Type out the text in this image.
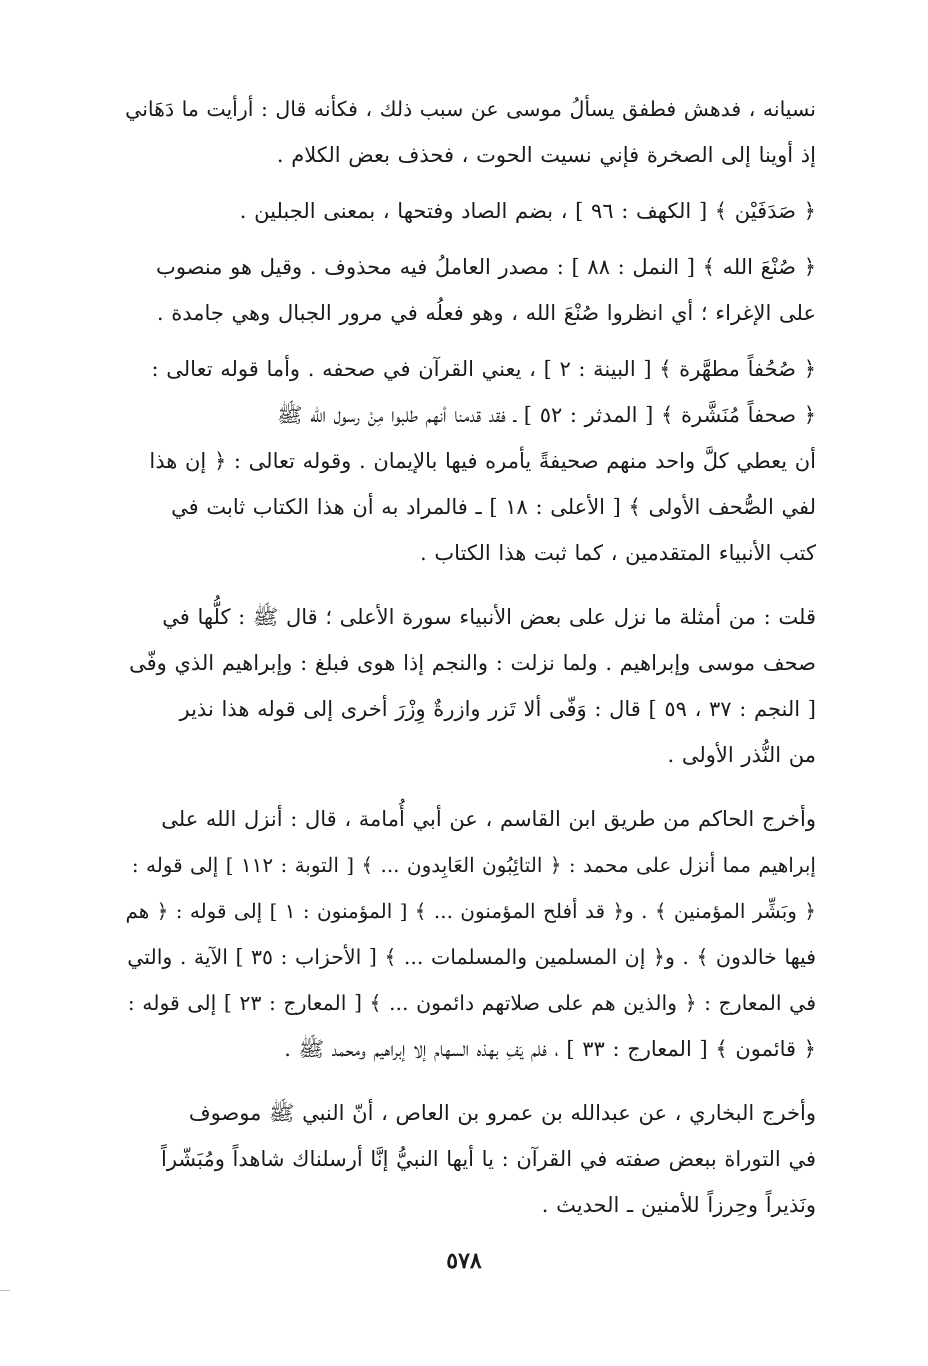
نسيانه ، فدهش فطفق يسألُ موسى عن سبب ذلك ، فكأنه قال : أرأيت ما دَهَاني
إذ أوينا إلى الصخرة فإني نسيت الحوت ، فحذف بعض الكلام .

﴿ صَدَفَيْن ﴾ [ الكهف : ٩٦ ] ، بضم الصاد وفتحها ، بمعنى الجبلين .

﴿ صُنْعَ الله ﴾ [ النمل : ٨٨ ] : مصدر العاملُ فيه محذوف . وقيل هو منصوب
على الإغراء ؛ أي انظروا صُنْعَ الله ، وهو فعلُه في مرور الجبال وهي جامدة .

﴿ صُحُفاً مطهَّرة ﴾ [ البينة : ٢ ] ، يعني القرآن في صحفه . وأما قوله تعالى :
﴿ صحفاً مُنَشَّرة ﴾ [ المدثر : ٥٢ ] ـ فقد قدمنا أنهم طلبوا مِنْ رسول الله ﷺ
أن يعطي كلَّ واحد منهم صحيفةً يأمره فيها بالإيمان . وقوله تعالى : ﴿ إن هذا
لفي الصُّحف الأولى ﴾ [ الأعلى : ١٨ ] ـ فالمراد به أن هذا الكتاب ثابت في
كتب الأنبياء المتقدمين ، كما ثبت هذا الكتاب .

قلت : من أمثلة ما نزل على بعض الأنبياء سورة الأعلى ؛ قال ﷺ : كلُّها في
صحف موسى وإبراهيم . ولما نزلت : والنجم إذا هوى فبلغ : وإبراهيم الذي وفّى
[ النجم : ٣٧ ، ٥٩ ] قال : وَفّى ألا تَزر وازرةٌ وِزْرَ أخرى إلى قوله هذا نذير
من النُّذر الأولى .

وأخرج الحاكم من طريق ابن القاسم ، عن أبي أُمامة ، قال : أنزل الله على
إبراهيم مما أنزل على محمد : ﴿ التائِبُون العَابِدون ... ﴾ [ التوبة : ١١٢ ] إلى قوله :
﴿ وبَشِّر المؤمنين ﴾ . و﴿ قد أفلح المؤمنون ... ﴾ [ المؤمنون : ١ ] إلى قوله : ﴿ هم
فيها خالدون ﴾ . و﴿ إن المسلمين والمسلمات ... ﴾ [ الأحزاب : ٣٥ ] الآية . والتي
في المعارج : ﴿ والذين هم على صلاتهم دائمون ... ﴾ [ المعارج : ٢٣ ] إلى قوله :
﴿ قائمون ﴾ [ المعارج : ٣٣ ] ، فلم يَفِ بهذه السهام إلا إبراهيم ومحمد ﷺ .

وأخرج البخاري ، عن عبدالله بن عمرو بن العاص ، أنّ النبي ﷺ موصوف
في التوراة ببعض صفته في القرآن : يا أيها النبيُّ إنَّا أرسلناك شاهداً ومُبَشّراً
ونَذيراً وحِرزاً للأمنين ـ الحديث .

٥٧٨
